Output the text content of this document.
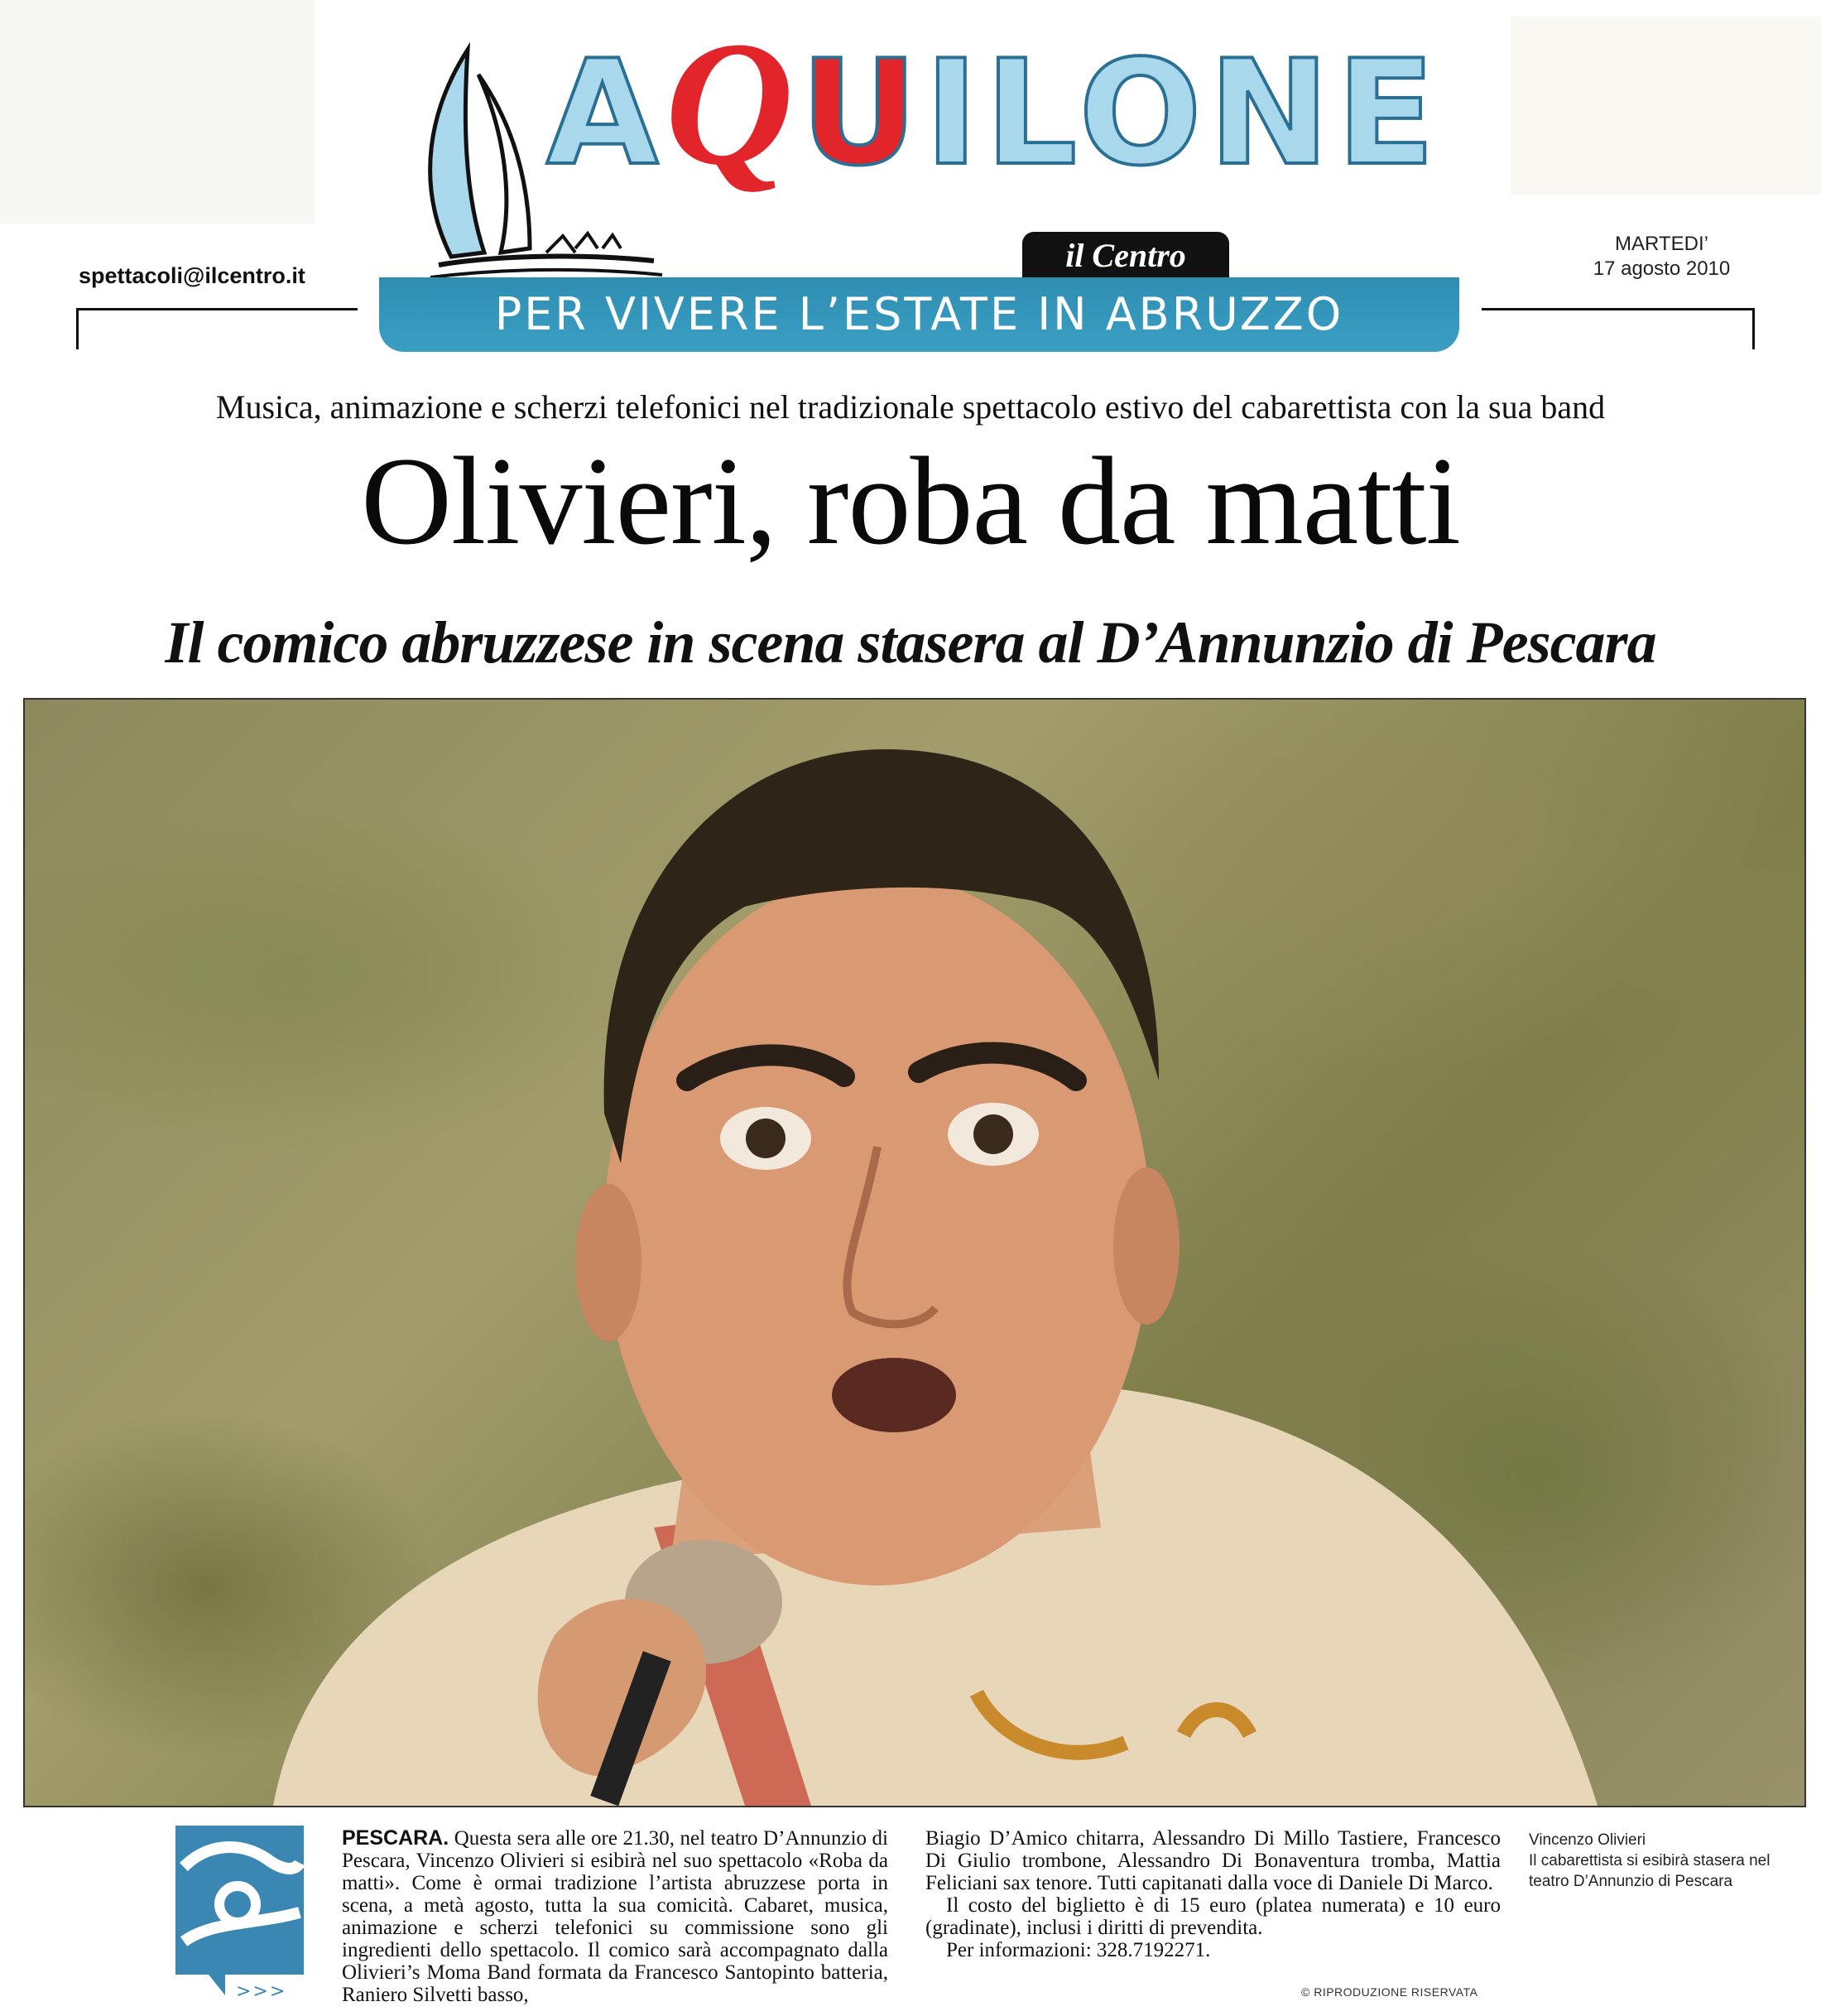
AQUILONE
spettacoli@ilcentro.it
MARTEDI’
17 agosto 2010
il Centro
PER VIVERE L’ESTATE IN ABRUZZO
Musica, animazione e scherzi telefonici nel tradizionale spettacolo estivo del cabarettista con la sua band
Olivieri, roba da matti
Il comico abruzzese in scena stasera al D’Annunzio di Pescara
>>>

PESCARA. Questa sera alle ore 21.30, nel teatro D’Annunzio di Pescara, Vincenzo Olivieri si esibirà nel suo spettacolo «Roba da matti». Come è ormai tradizione l’artista abruzzese porta in scena, a metà agosto, tutta la sua comicità. Cabaret, musica, animazione e scherzi telefonici su commissione sono gli ingredienti dello spettacolo. Il comico sarà accompagnato dalla Olivieri’s Moma Band formata da Francesco Santopinto batteria, Raniero Silvetti basso,

Biagio D’Amico chitarra, Alessandro Di Millo Tastiere, Francesco Di Giulio trombone, Alessandro Di Bonaventura tromba, Mattia Feliciani sax tenore. Tutti capitanati dalla voce di Daniele Di Marco.

Il costo del biglietto è di 15 euro (platea numerata) e 10 euro (gradinate), inclusi i diritti di prevendita.

Per informazioni: 328.7192271.

© RIPRODUZIONE RISERVATA
Vincenzo Olivieri
Il cabarettista si esibirà stasera nel teatro D’Annunzio di Pescara
